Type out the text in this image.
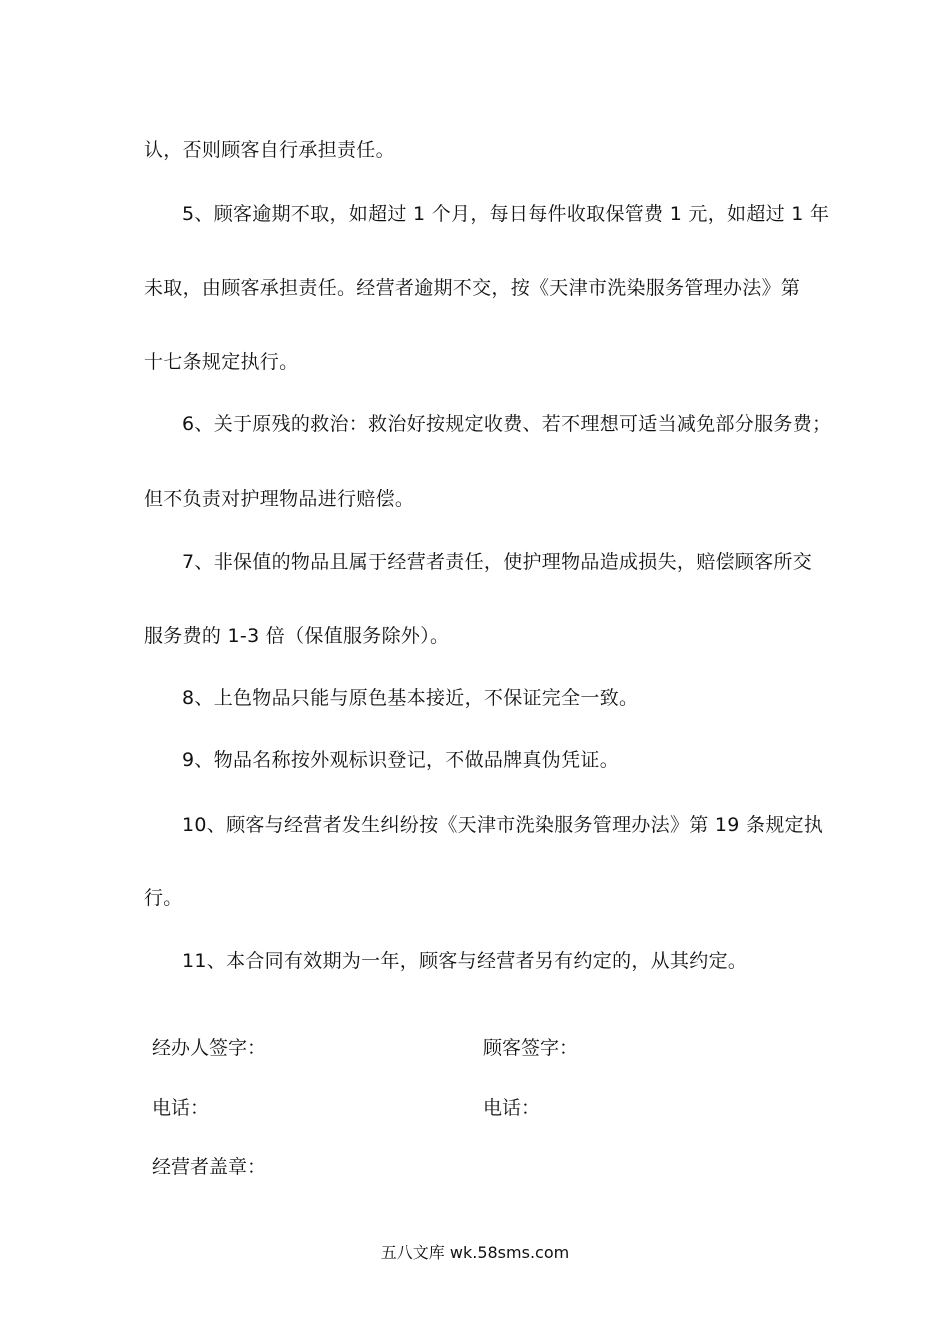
认，否则顾客自行承担责任。
5、顾客逾期不取，如超过 1 个月，每日每件收取保管费 1 元，如超过 1 年
未取，由顾客承担责任。经营者逾期不交，按《天津市洗染服务管理办法》第
十七条规定执行。
6、关于原残的救治：救治好按规定收费、若不理想可适当减免部分服务费；
但不负责对护理物品进行赔偿。
7、非保值的物品且属于经营者责任，使护理物品造成损失，赔偿顾客所交
服务费的 1-3 倍（保值服务除外）。
8、上色物品只能与原色基本接近，不保证完全一致。
9、物品名称按外观标识登记，不做品牌真伪凭证。
10、顾客与经营者发生纠纷按《天津市洗染服务管理办法》第 19 条规定执
行。
11、本合同有效期为一年，顾客与经营者另有约定的，从其约定。
经办人签字：	顾客签字：
电话：	电话：
经营者盖章：
五八文库 wk.58sms.com
